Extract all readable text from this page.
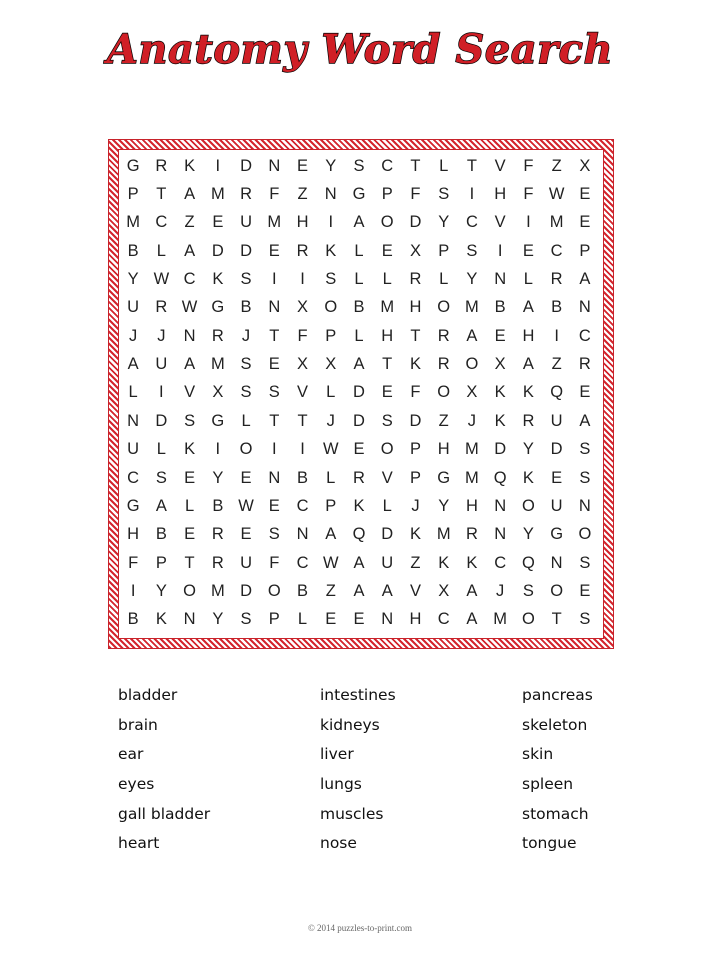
Anatomy Word Search
G R	K	I	D N	E	Y	S	C	T	L	T	V	F	Z	X
P	T	A M R	F	Z	N G P	F	S	I	H	F W E
M C	Z	E	U M H	I	A O D	Y	C	V	I	M E
B	L	A	D D	E	R	K	L	E	X	P	S	I	E	C	P
Y W C	K	S	I	I	S	L	L	R	L	Y	N	L	R	A
U R W G B	N	X O B M H O M B	A	B	N
J	J	N R	J	T	F	P	L	H	T	R	A	E	H	I	C
A	U	A M S	E	X	X	A	T	K	R O X	A	Z	R
L	I	V	X	S	S	V	L	D	E	F	O X	K	K Q E
N D	S G	L	T	T	J	D	S	D	Z	J	K	R U	A
U	L	K	I	O	I	I	W E O P	H M D	Y	D	S
C	S	E	Y	E	N	B	L	R	V	P G M Q K	E	S
G A	L	B W E	C	P	K	L	J	Y	H N O U N
H	B	E	R	E	S	N	A Q D	K M R N	Y G O
F	P	T	R U	F	C W A	U	Z	K	K	C Q N	S
I	Y O M D O B	Z	A	A	V	X	A	J	S O E
B	K	N	Y	S	P	L	E	E	N H C	A M O	T	S
bladder
brain
ear
eyes
gall bladder
heart
intestines
kidneys
liver
lungs
muscles
nose
pancreas
skeleton
skin
spleen
stomach
tongue
© 2014 puzzles-to-print.com
